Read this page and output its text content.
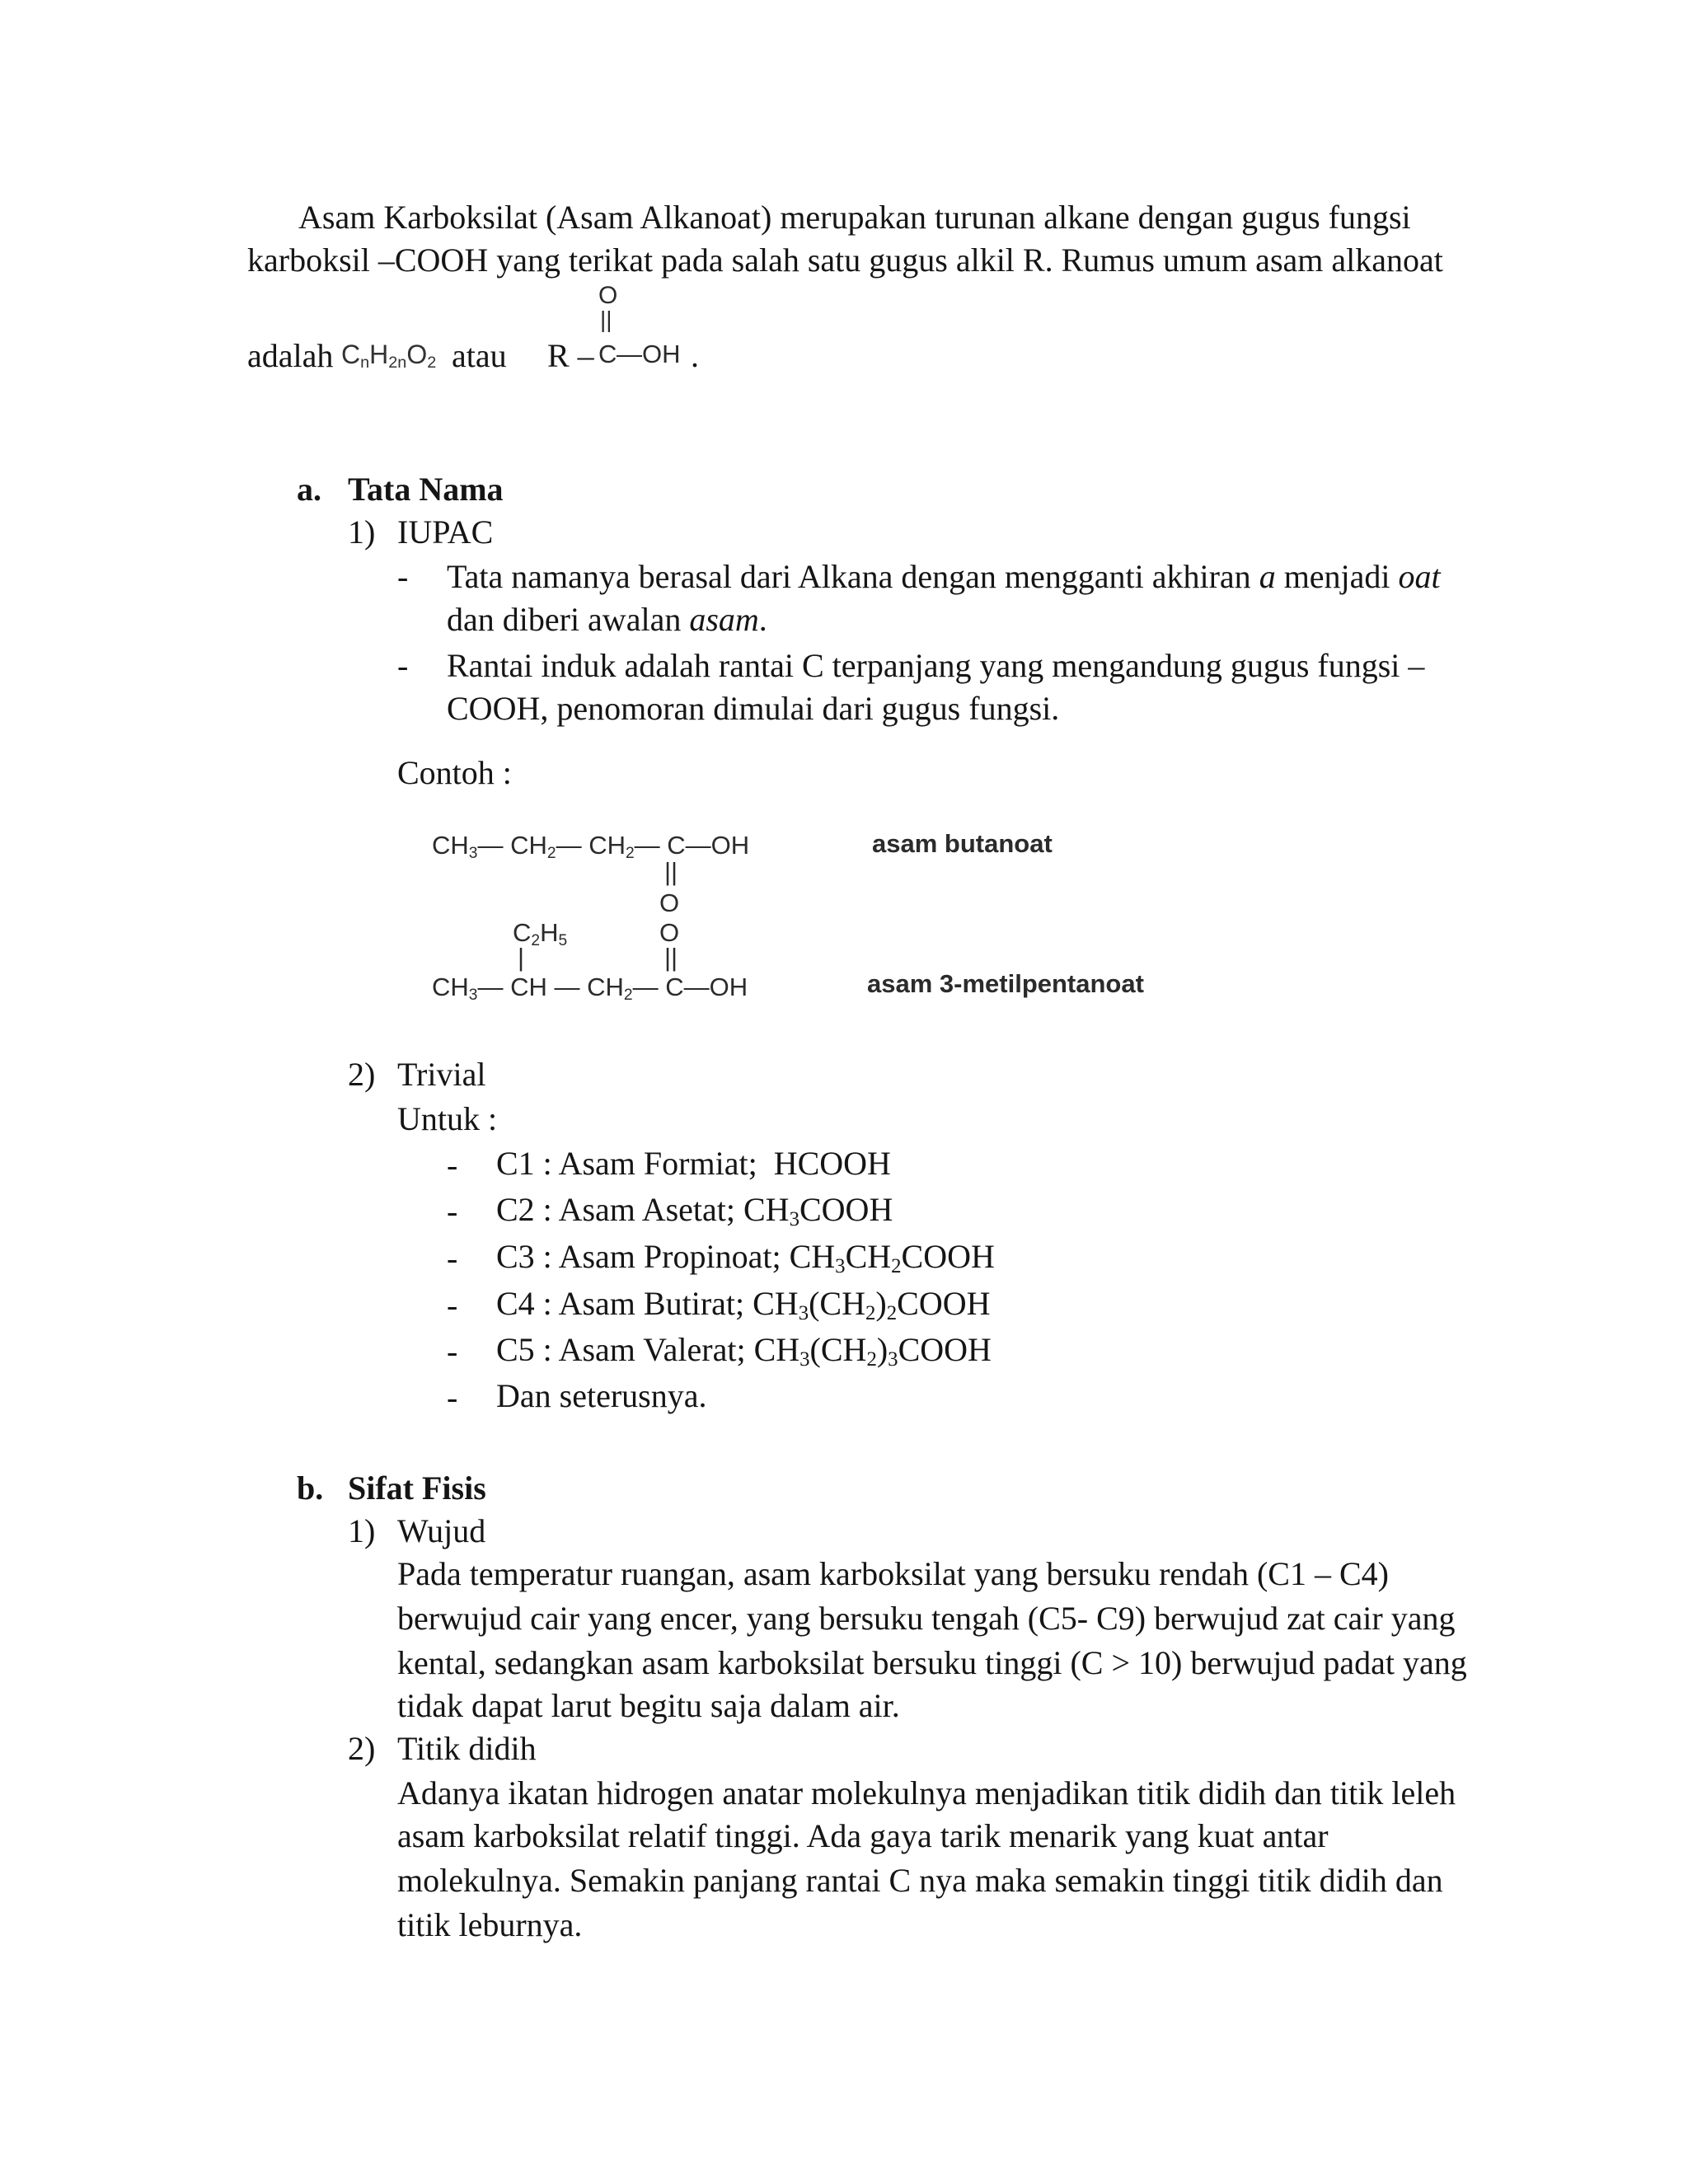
Asam Karboksilat (Asam Alkanoat) merupakan turunan alkane dengan gugus fungsi
karboksil –COOH yang terikat pada salah satu gugus alkil R. Rumus umum asam alkanoat
adalah $C_nH_{2n}O_2$ atau
O
||
R – C —OH .
a. Tata Nama
1) IUPAC
- Tata namanya berasal dari Alkana dengan mengganti akhiran a menjadi oat
dan diberi awalan asam.
- Rantai induk adalah rantai C terpanjang yang mengandung gugus fungsi –
COOH, penomoran dimulai dari gugus fungsi.
Contoh :
$CH_3—$ $CH_2—$ $CH_2—$ C—OH
||
O
asam butanoat
$C_2H_5$	O
|	||
$CH_3—$ CH — $CH_2—$ C—OH	asam 3-metilpentanoat
2) Trivial
Untuk :
- C1 : Asam Formiat;  HCOOH
- C2 : Asam Asetat; $CH_3COOH$
- C3 : Asam Propinoat; $CH_3CH_2COOH$
- C4 : Asam Butirat; $CH_3(CH_2)_2COOH$
- C5 : Asam Valerat; $CH_3(CH_2)_3COOH$
- Dan seterusnya.
b. Sifat Fisis
1) Wujud
Pada temperatur ruangan, asam karboksilat yang bersuku rendah (C1 – C4)
berwujud cair yang encer, yang bersuku tengah (C5- C9) berwujud zat cair yang
kental, sedangkan asam karboksilat bersuku tinggi (C > 10) berwujud padat yang
tidak dapat larut begitu saja dalam air.
2) Titik didih
Adanya ikatan hidrogen anatar molekulnya menjadikan titik didih dan titik leleh
asam karboksilat relatif tinggi. Ada gaya tarik menarik yang kuat antar
molekulnya. Semakin panjang rantai C nya maka semakin tinggi titik didih dan
titik leburnya.
